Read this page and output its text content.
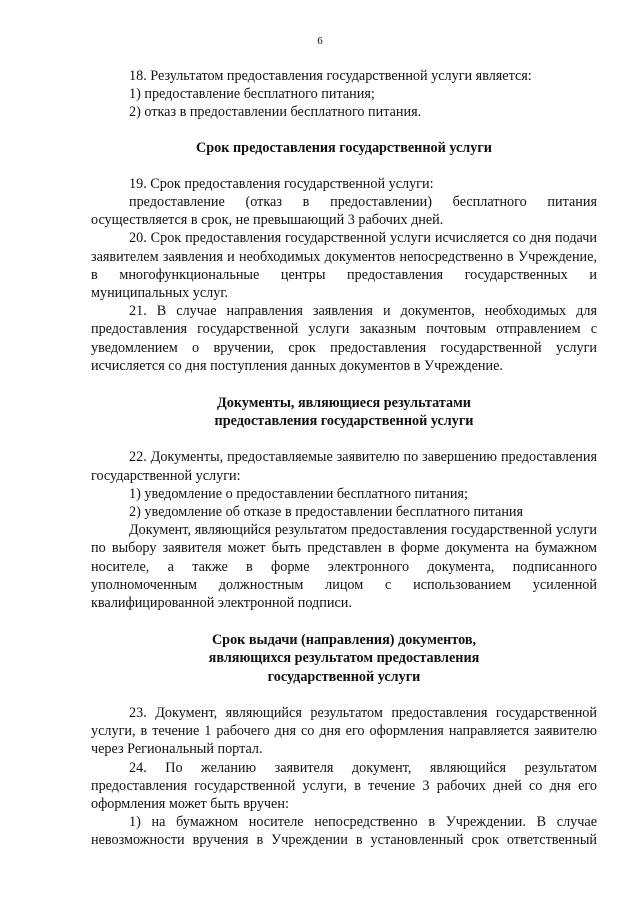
6

18. Результатом предоставления государственной услуги является:

1) предоставление бесплатного питания;

2) отказ в предоставлении бесплатного питания.

Срок предоставления государственной услуги

19. Срок предоставления государственной услуги:

предоставление (отказ в предоставлении) бесплатного питания осуществляется в срок, не превышающий 3 рабочих дней.

20. Срок предоставления государственной услуги исчисляется со дня подачи заявителем заявления и необходимых документов непосредственно в Учреждение, в многофункциональные центры предоставления государственных и муниципальных услуг.

21. В случае направления заявления и документов, необходимых для предоставления государственной услуги заказным почтовым отправлением с уведомлением о вручении, срок предоставления государственной услуги исчисляется со дня поступления данных документов в Учреждение.

Документы, являющиеся результатами
предоставления государственной услуги

22. Документы, предоставляемые заявителю по завершению предоставления государственной услуги:

1) уведомление о предоставлении бесплатного питания;

2) уведомление об отказе в предоставлении бесплатного питания

Документ, являющийся результатом предоставления государственной услуги по выбору заявителя может быть представлен в форме документа на бумажном носителе, а также в форме электронного документа, подписанного уполномоченным должностным лицом с использованием усиленной квалифицированной электронной подписи.

Срок выдачи (направления) документов,
являющихся результатом предоставления
государственной услуги

23. Документ, являющийся результатом предоставления государственной услуги, в течение 1 рабочего дня со дня его оформления направляется заявителю через Региональный портал.

24. По желанию заявителя документ, являющийся результатом предоставления государственной услуги, в течение 3 рабочих дней со дня его оформления может быть вручен:

1) на бумажном носителе непосредственно в Учреждении. В случае невозможности вручения в Учреждении в установленный срок ответственный
